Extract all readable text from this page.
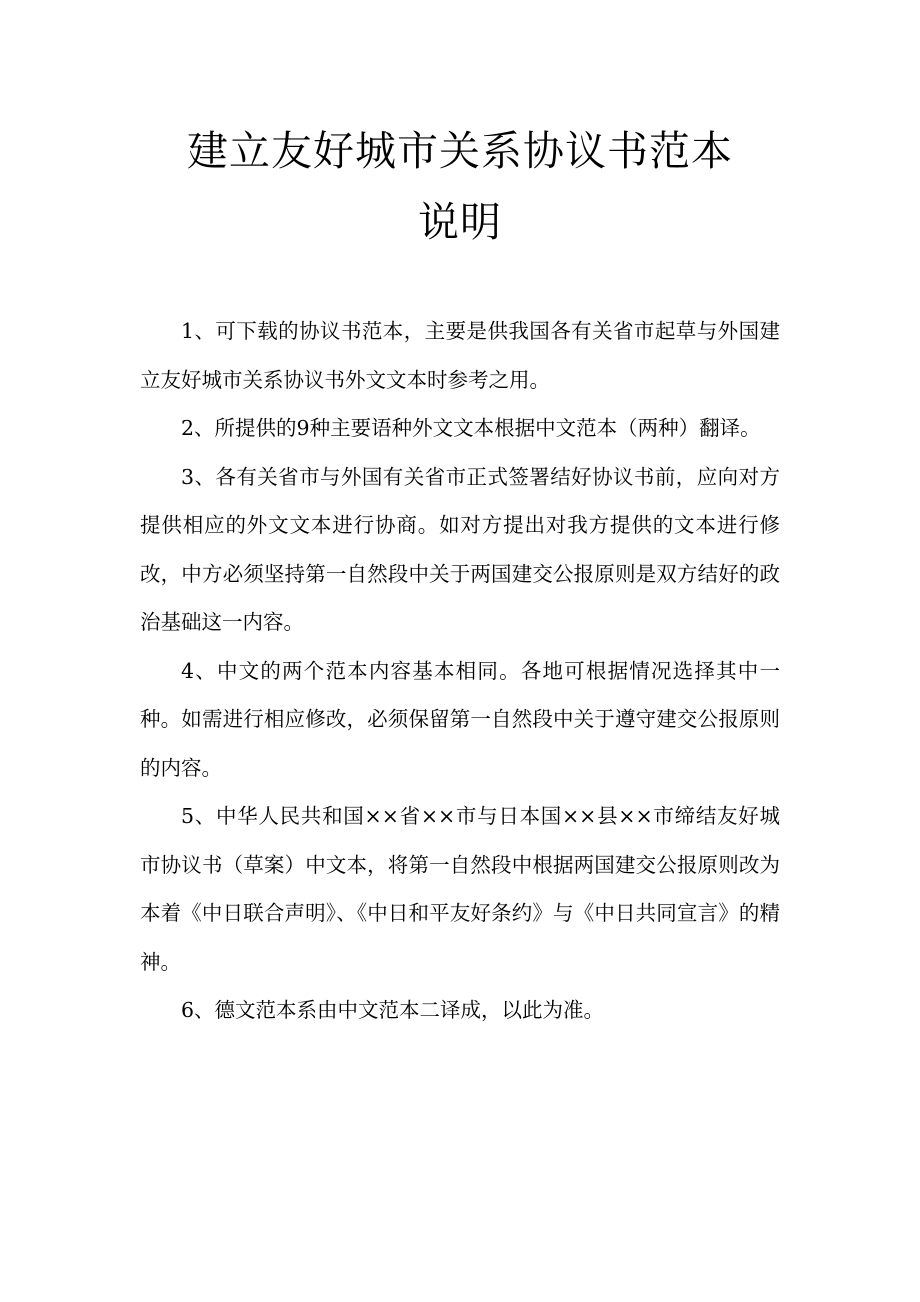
建立友好城市关系协议书范本
说明

1、可下载的协议书范本，主要是供我国各有关省市起草与外国建立友好城市关系协议书外文文本时参考之用。

2、所提供的9种主要语种外文文本根据中文范本（两种）翻译。

3、各有关省市与外国有关省市正式签署结好协议书前，应向对方提供相应的外文文本进行协商。如对方提出对我方提供的文本进行修改，中方必须坚持第一自然段中关于两国建交公报原则是双方结好的政治基础这一内容。

4、中文的两个范本内容基本相同。各地可根据情况选择其中一种。如需进行相应修改，必须保留第一自然段中关于遵守建交公报原则的内容。

5、中华人民共和国××省××市与日本国××县××市缔结友好城市协议书（草案）中文本，将第一自然段中根据两国建交公报原则改为本着《中日联合声明》、《中日和平友好条约》与《中日共同宣言》的精神。

6、德文范本系由中文范本二译成，以此为准。
